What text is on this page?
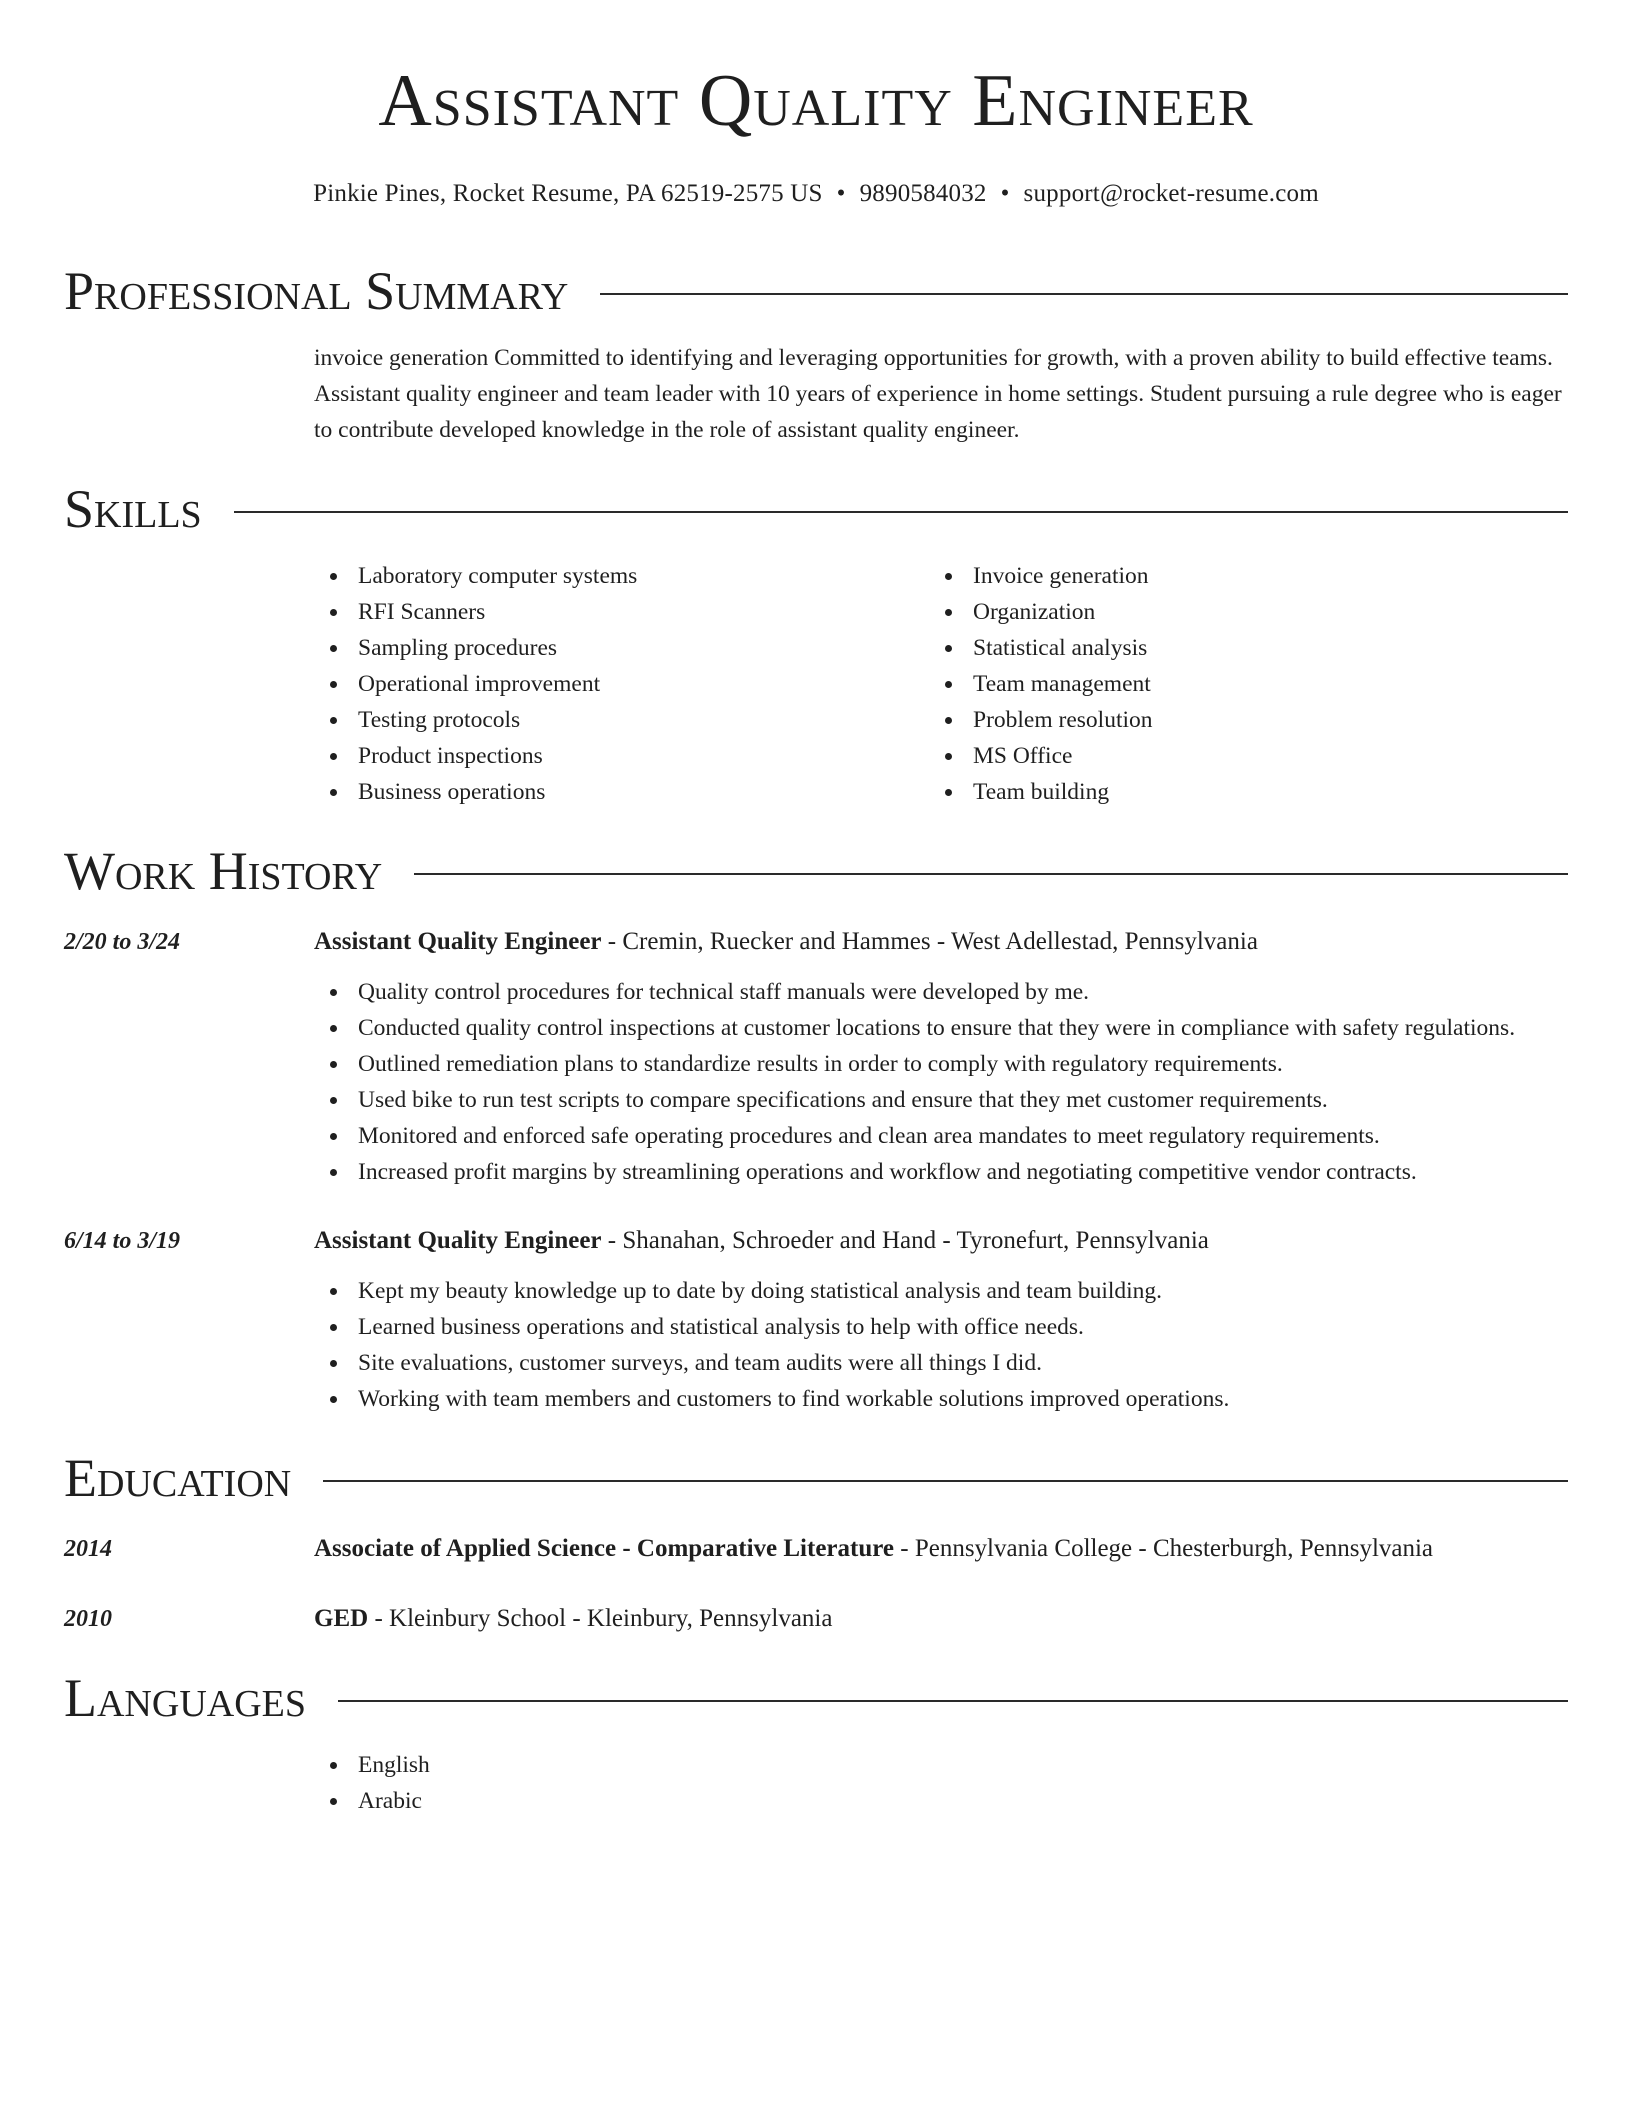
Assistant Quality Engineer
Pinkie Pines, Rocket Resume, PA 62519-2575 US • 9890584032 • support@rocket-resume.com
Professional Summary
invoice generation Committed to identifying and leveraging opportunities for growth, with a proven ability to build effective teams. Assistant quality engineer and team leader with 10 years of experience in home settings. Student pursuing a rule degree who is eager to contribute developed knowledge in the role of assistant quality engineer.
Skills
Laboratory computer systems
RFI Scanners
Sampling procedures
Operational improvement
Testing protocols
Product inspections
Business operations
Invoice generation
Organization
Statistical analysis
Team management
Problem resolution
MS Office
Team building
Work History
2/20 to 3/24	Assistant Quality Engineer - Cremin, Ruecker and Hammes - West Adellestad, Pennsylvania
Quality control procedures for technical staff manuals were developed by me.
Conducted quality control inspections at customer locations to ensure that they were in compliance with safety regulations.
Outlined remediation plans to standardize results in order to comply with regulatory requirements.
Used bike to run test scripts to compare specifications and ensure that they met customer requirements.
Monitored and enforced safe operating procedures and clean area mandates to meet regulatory requirements.
Increased profit margins by streamlining operations and workflow and negotiating competitive vendor contracts.
6/14 to 3/19	Assistant Quality Engineer - Shanahan, Schroeder and Hand - Tyronefurt, Pennsylvania
Kept my beauty knowledge up to date by doing statistical analysis and team building.
Learned business operations and statistical analysis to help with office needs.
Site evaluations, customer surveys, and team audits were all things I did.
Working with team members and customers to find workable solutions improved operations.
Education
2014	Associate of Applied Science - Comparative Literature - Pennsylvania College - Chesterburgh, Pennsylvania
2010	GED - Kleinbury School - Kleinbury, Pennsylvania
Languages
English
Arabic
